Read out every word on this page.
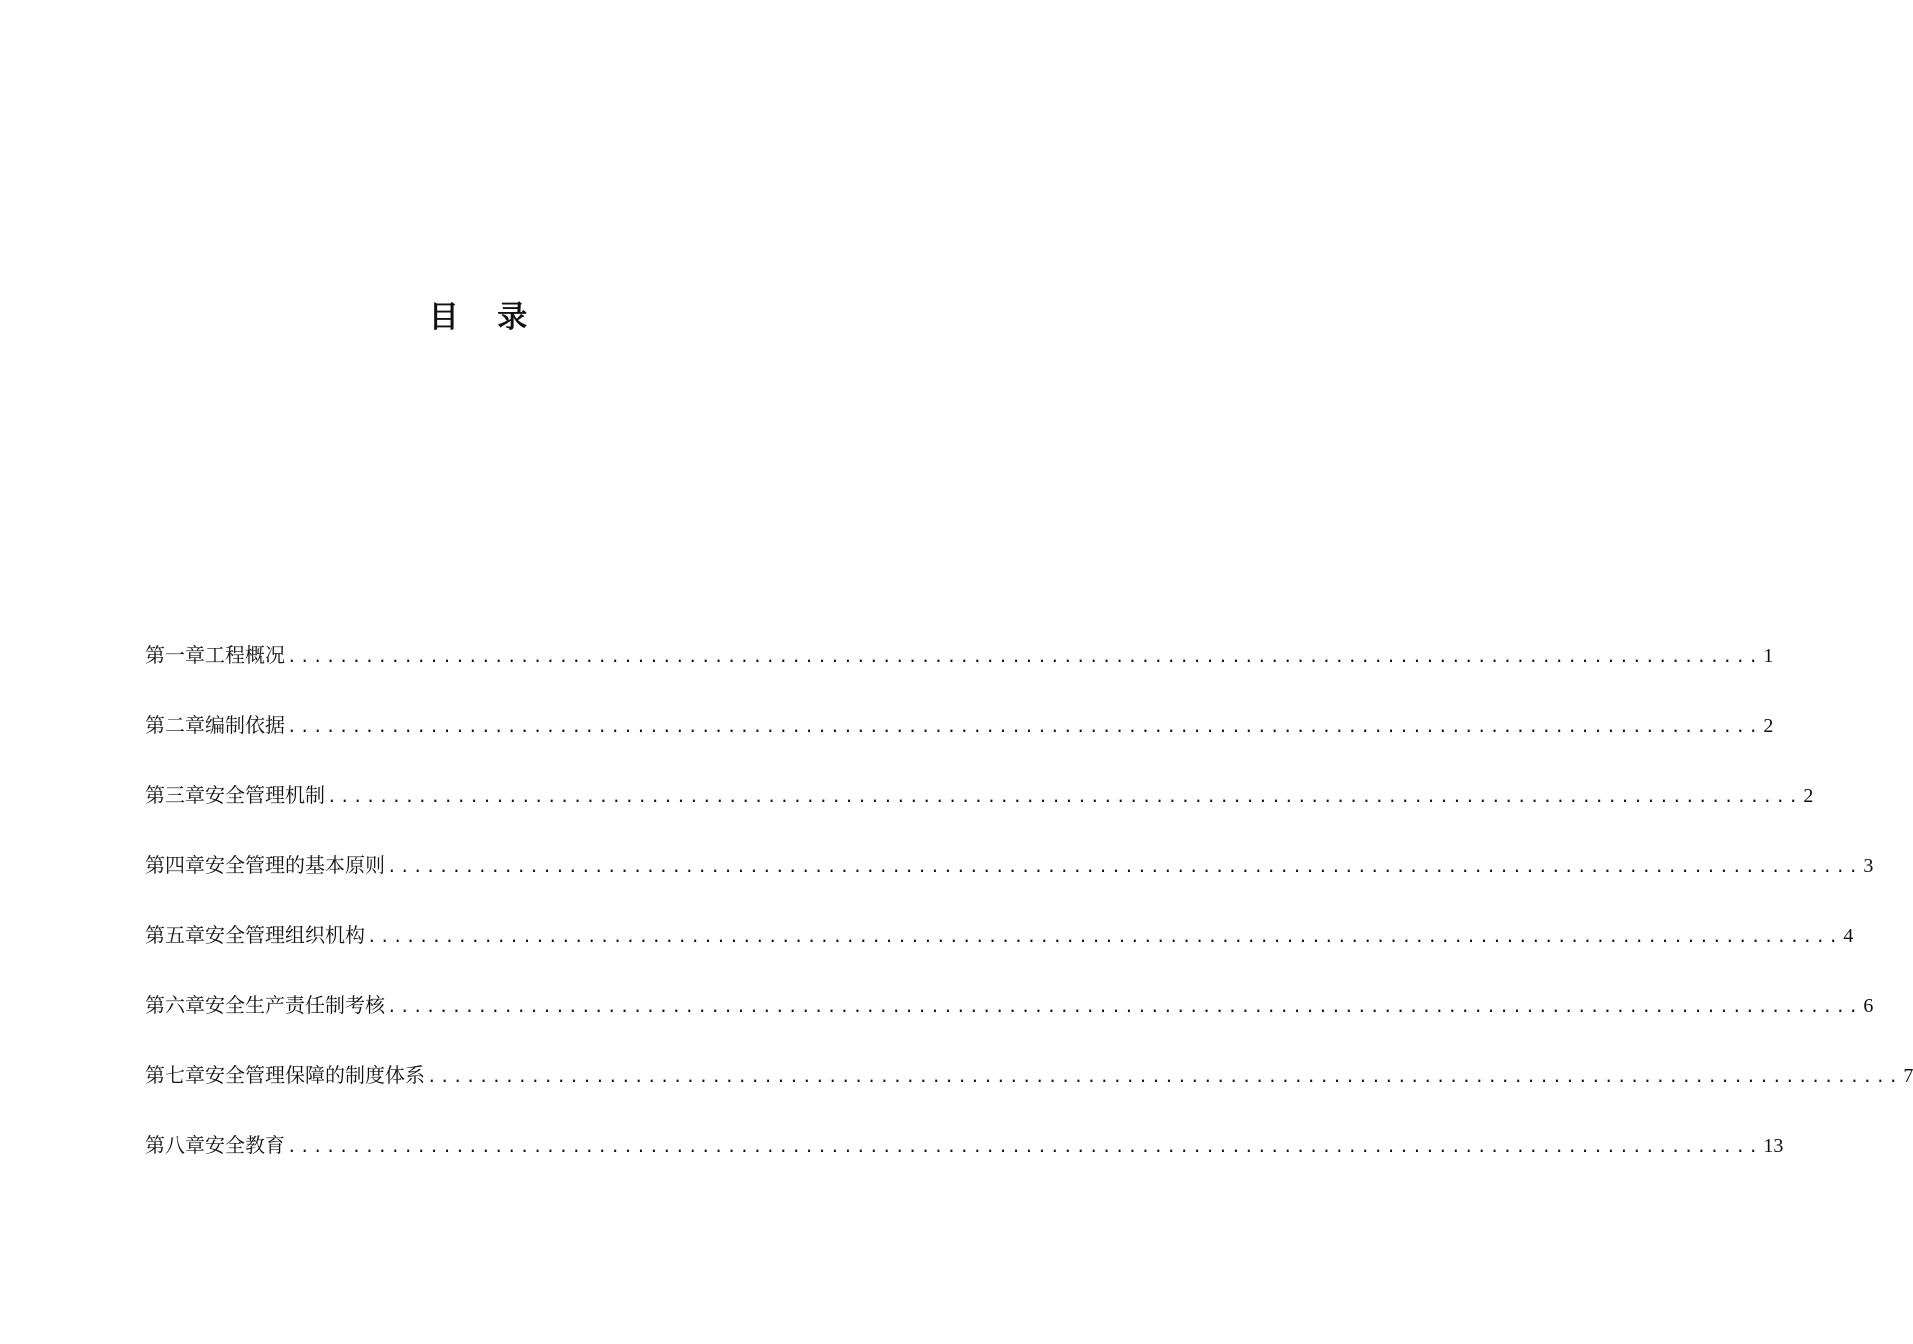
目 录
第一章 工程概况 .................................................................................................................. 1
第二章 编制依据 .................................................................................................................. 2
第三章 安全管理机制 .................................................................................................................. 2
第四章 安全管理的基本原则 .................................................................................................................. 3
第五章 安全管理组织机构 .................................................................................................................. 4
第六章 安全生产责任制考核 .................................................................................................................. 6
第七章 安全管理保障的制度体系 .................................................................................................................. 7
第八章 安全教育 .................................................................................................................. 13
